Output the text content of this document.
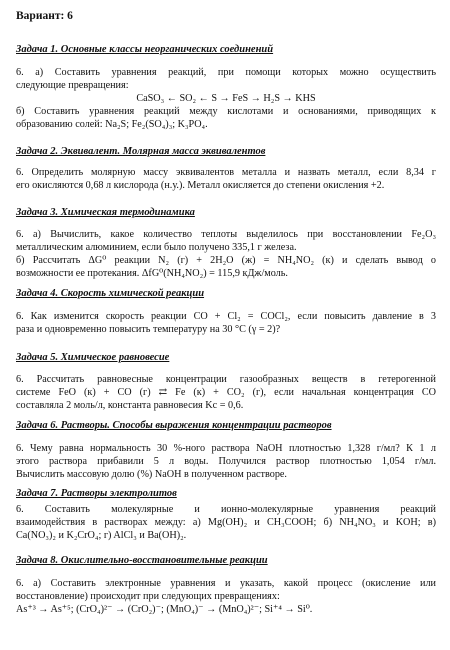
Вариант: 6
Задача 1. Основные классы неорганических соединений
6. а) Составить уравнения реакций, при помощи которых можно осуществить
следующие превращения:
CaSO₃ ← SO₂ ← S → FeS → H₂S → KHS
б) Составить уравнения реакций между кислотами и основаниями, приводящих к
образованию солей: Na₂S; Fe₂(SO₄)₃; K₃PO₄.
Задача 2. Эквивалент. Молярная масса эквивалентов
6. Определить молярную массу эквивалентов металла и назвать металл, если 8,34 г
его окисляются 0,68 л кислорода (н.у.). Металл окисляется до степени окисления +2.
Задача 3. Химическая термодинамика
6. а) Вычислить, какое количество теплоты выделилось при восстановлении Fe₂O₃
металлическим алюминием, если было получено 335,1 г железа.
б) Рассчитать ΔG⁰ реакции N₂ (г) + 2H₂O (ж) = NH₄NO₂ (к) и сделать вывод о
возможности ее протекания. ΔfG⁰(NH₄NO₂) = 115,9 кДж/моль.
Задача 4. Скорость химической реакции
6. Как изменится скорость реакции CO + Cl₂ = COCl₂, если повысить давление в 3
раза и одновременно повысить температуру на 30 °C (γ = 2)?
Задача 5. Химическое равновесие
6. Рассчитать равновесные концентрации газообразных веществ в гетерогенной
системе FeO (к) + CO (г) ⇄ Fe (к) + CO₂ (г), если начальная концентрация CO
составляла 2 моль/л, константа равновесия Kc = 0,6.
Задача 6. Растворы. Способы выражения концентрации растворов
6. Чему равна нормальность 30 %-ного раствора NaOH плотностью 1,328 г/мл? К 1 л
этого раствора прибавили 5 л воды. Получился раствор плотностью 1,054 г/мл.
Вычислить массовую долю (%) NaOH в полученном растворе.
Задача 7. Растворы электролитов
6. Составить молекулярные и ионно-молекулярные уравнения реакций
взаимодействия в растворах между: а) Mg(OH)₂ и CH₃COOH; б) NH₄NO₃ и KOH; в)
Ca(NO₃)₂ и K₂CrO₄; г) AlCl₃ и Ba(OH)₂.
Задача 8. Окислительно-восстановительные реакции
6. а) Составить электронные уравнения и указать, какой процесс (окисление или
восстановление) происходит при следующих превращениях:
As⁺³ → As⁺⁵; (CrO₄)²⁻ → (CrO₂)⁻; (MnO₄)⁻ → (MnO₄)²⁻; Si⁺⁴ → Si⁰.
